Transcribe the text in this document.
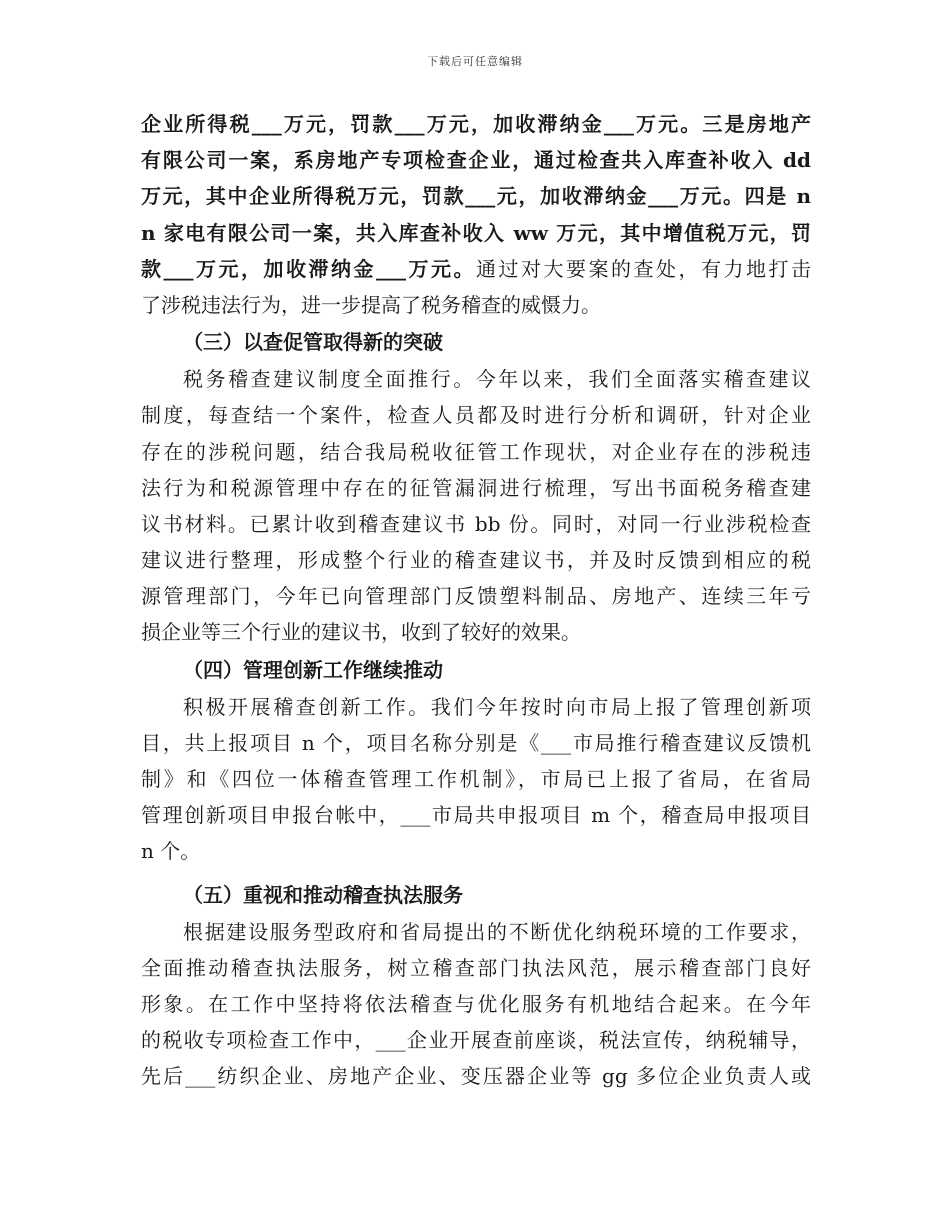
下载后可任意编辑
企业所得税___万元，罚款___万元，加收滞纳金___万元。三是房地产
有限公司一案，系房地产专项检查企业，通过检查共入库查补收入 dd
万元，其中企业所得税万元，罚款___元，加收滞纳金___万元。四是 n
n 家电有限公司一案，共入库查补收入 ww 万元，其中增值税万元，罚
款___万元，加收滞纳金___万元。通过对大要案的查处，有力地打击
了涉税违法行为，进一步提高了税务稽查的威慑力。
（三）以查促管取得新的突破
税务稽查建议制度全面推行。今年以来，我们全面落实稽查建议
制度，每查结一个案件，检查人员都及时进行分析和调研，针对企业
存在的涉税问题，结合我局税收征管工作现状，对企业存在的涉税违
法行为和税源管理中存在的征管漏洞进行梳理，写出书面税务稽查建
议书材料。已累计收到稽查建议书 bb 份。同时，对同一行业涉税检查
建议进行整理，形成整个行业的稽查建议书，并及时反馈到相应的税
源管理部门，今年已向管理部门反馈塑料制品、房地产、连续三年亏
损企业等三个行业的建议书，收到了较好的效果。
（四）管理创新工作继续推动
积极开展稽查创新工作。我们今年按时向市局上报了管理创新项
目，共上报项目 n 个，项目名称分别是《___市局推行稽查建议反馈机
制》和《四位一体稽查管理工作机制》，市局已上报了省局，在省局
管理创新项目申报台帐中，___市局共申报项目 m 个，稽查局申报项目
n 个。
（五）重视和推动稽查执法服务
根据建设服务型政府和省局提出的不断优化纳税环境的工作要求，
全面推动稽查执法服务，树立稽查部门执法风范，展示稽查部门良好
形象。在工作中坚持将依法稽查与优化服务有机地结合起来。在今年
的税收专项检查工作中，___企业开展查前座谈，税法宣传，纳税辅导，
先后___纺织企业、房地产企业、变压器企业等 gg 多位企业负责人或
